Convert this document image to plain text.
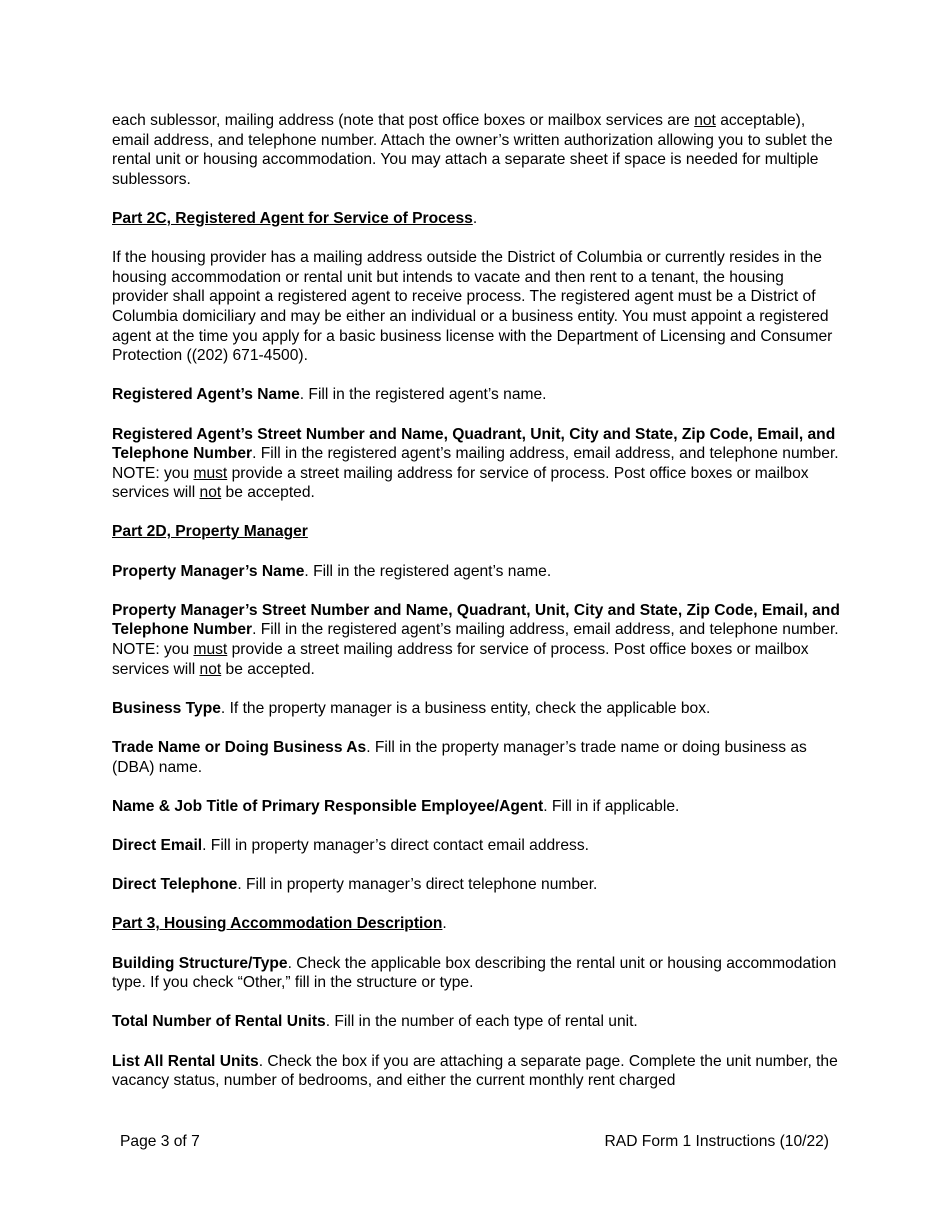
each sublessor, mailing address (note that post office boxes or mailbox services are not acceptable), email address, and telephone number. Attach the owner’s written authorization allowing you to sublet the rental unit or housing accommodation. You may attach a separate sheet if space is needed for multiple sublessors.

Part 2C, Registered Agent for Service of Process.

If the housing provider has a mailing address outside the District of Columbia or currently resides in the housing accommodation or rental unit but intends to vacate and then rent to a tenant, the housing provider shall appoint a registered agent to receive process. The registered agent must be a District of Columbia domiciliary and may be either an individual or a business entity. You must appoint a registered agent at the time you apply for a basic business license with the Department of Licensing and Consumer Protection ((202) 671-4500).

Registered Agent’s Name. Fill in the registered agent’s name.

Registered Agent’s Street Number and Name, Quadrant, Unit, City and State, Zip Code, Email, and Telephone Number. Fill in the registered agent’s mailing address, email address, and telephone number. NOTE: you must provide a street mailing address for service of process. Post office boxes or mailbox services will not be accepted.

Part 2D, Property Manager

Property Manager’s Name. Fill in the registered agent’s name.

Property Manager’s Street Number and Name, Quadrant, Unit, City and State, Zip Code, Email, and Telephone Number. Fill in the registered agent’s mailing address, email address, and telephone number. NOTE: you must provide a street mailing address for service of process. Post office boxes or mailbox services will not be accepted.

Business Type. If the property manager is a business entity, check the applicable box.

Trade Name or Doing Business As. Fill in the property manager’s trade name or doing business as (DBA) name.

Name & Job Title of Primary Responsible Employee/Agent. Fill in if applicable.

Direct Email. Fill in property manager’s direct contact email address.

Direct Telephone. Fill in property manager’s direct telephone number.

Part 3, Housing Accommodation Description.

Building Structure/Type. Check the applicable box describing the rental unit or housing accommodation type. If you check “Other,” fill in the structure or type.

Total Number of Rental Units. Fill in the number of each type of rental unit.

List All Rental Units. Check the box if you are attaching a separate page. Complete the unit number, the vacancy status, number of bedrooms, and either the current monthly rent charged

Page 3 of 7	RAD Form 1 Instructions (10/22)
